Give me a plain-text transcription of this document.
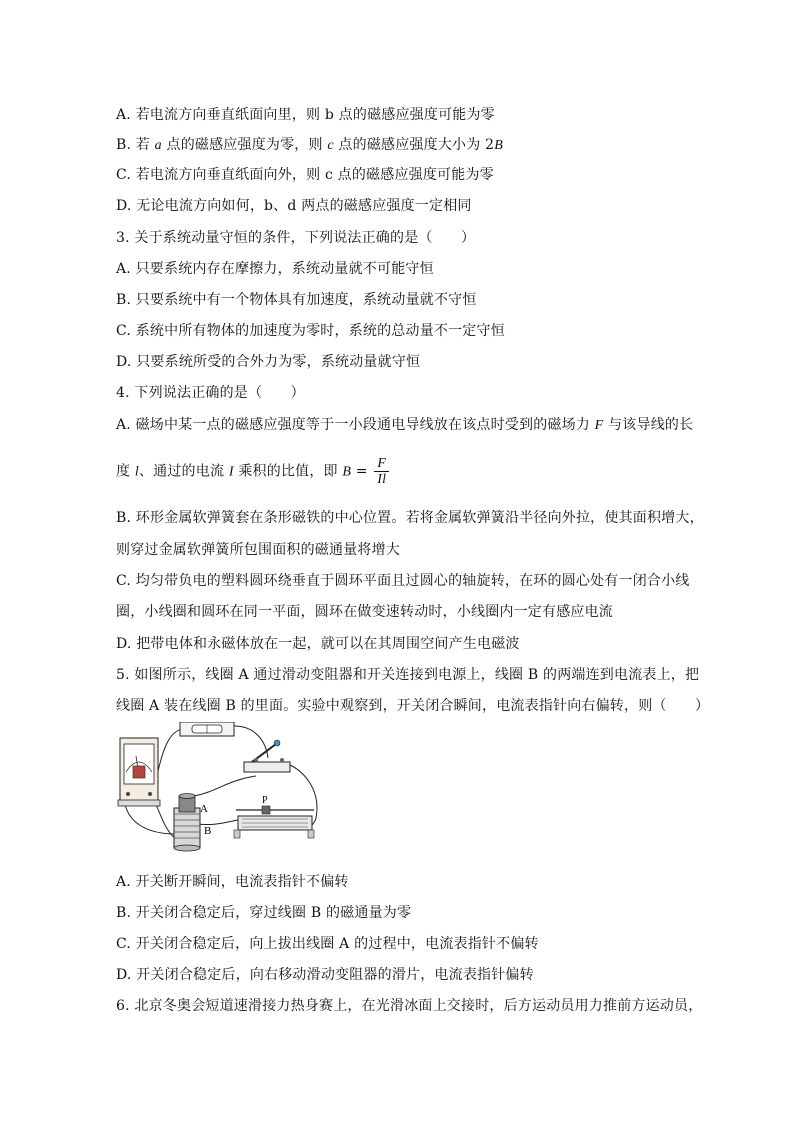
A. 若电流方向垂直纸面向里，则 b 点的磁感应强度可能为零
B. 若 a 点的磁感应强度为零，则 c 点的磁感应强度大小为 2B
C. 若电流方向垂直纸面向外，则 c 点的磁感应强度可能为零
D. 无论电流方向如何，b、d 两点的磁感应强度一定相同
3. 关于系统动量守恒的条件，下列说法正确的是（　　）
A. 只要系统内存在摩擦力，系统动量就不可能守恒
B. 只要系统中有一个物体具有加速度，系统动量就不守恒
C. 系统中所有物体的加速度为零时，系统的总动量不一定守恒
D. 只要系统所受的合外力为零，系统动量就守恒
4. 下列说法正确的是（　　）
A. 磁场中某一点的磁感应强度等于一小段通电导线放在该点时受到的磁场力 F 与该导线的长
度 l、通过的电流 I 乘积的比值，即 $B = \frac{F}{Il}$
B. 环形金属软弹簧套在条形磁铁的中心位置。若将金属软弹簧沿半径向外拉，使其面积增大，
则穿过金属软弹簧所包围面积的磁通量将增大
C. 均匀带负电的塑料圆环绕垂直于圆环平面且过圆心的轴旋转，在环的圆心处有一闭合小线
圈，小线圈和圆环在同一平面，圆环在做变速转动时，小线圈内一定有感应电流
D. 把带电体和永磁体放在一起，就可以在其周围空间产生电磁波
5. 如图所示，线圈 A 通过滑动变阻器和开关连接到电源上，线圈 B 的两端连到电流表上，把
线圈 A 装在线圈 B 的里面。实验中观察到，开关闭合瞬间，电流表指针向右偏转，则（　　）
A
B
P
A. 开关断开瞬间，电流表指针不偏转
B. 开关闭合稳定后，穿过线圈 B 的磁通量为零
C. 开关闭合稳定后，向上拔出线圈 A 的过程中，电流表指针不偏转
D. 开关闭合稳定后，向右移动滑动变阻器的滑片，电流表指针偏转
6. 北京冬奥会短道速滑接力热身赛上，在光滑冰面上交接时，后方运动员用力推前方运动员，
